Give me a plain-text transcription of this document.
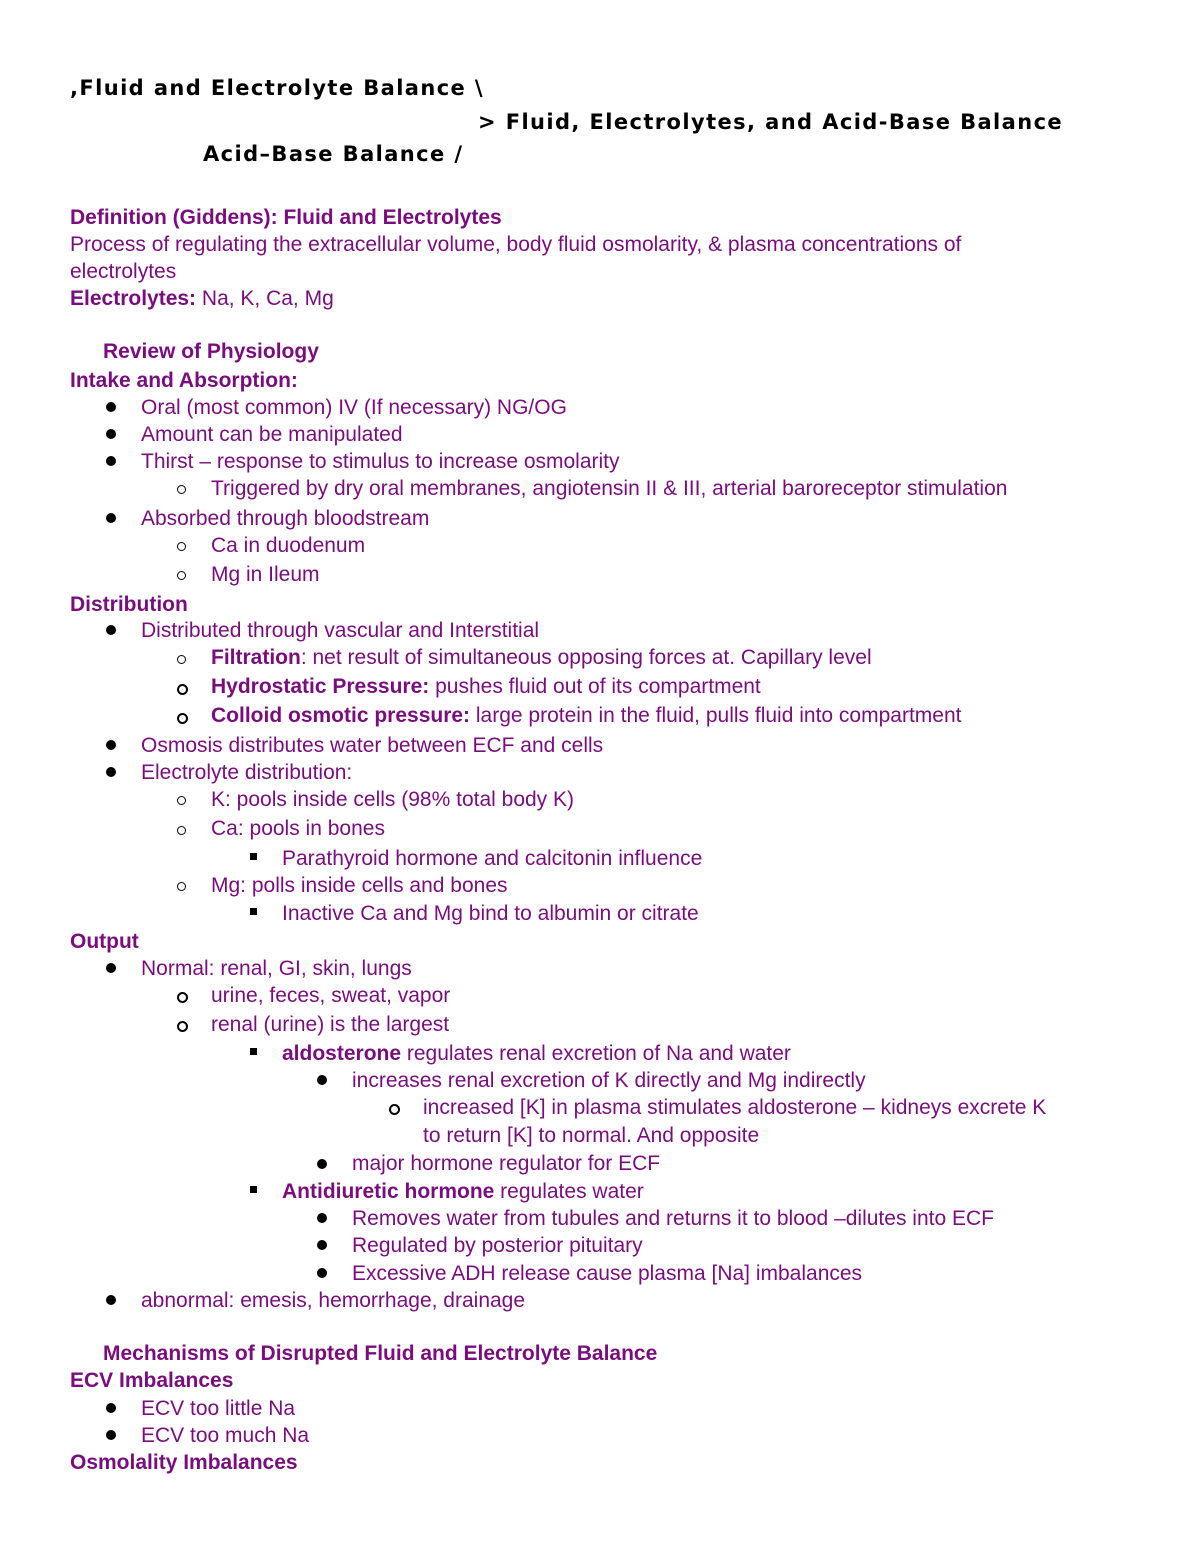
,Fluid and Electrolyte Balance \

> Fluid, Electrolytes, and Acid-Base Balance

Acid–Base Balance /

Definition (Giddens): Fluid and Electrolytes

Process of regulating the extracellular volume, body fluid osmolarity, & plasma concentrations of

electrolytes

Electrolytes: Na, K, Ca, Mg

Review of Physiology

Intake and Absorption:

Oral (most common) IV (If necessary) NG/OG

Amount can be manipulated

Thirst – response to stimulus to increase osmolarity

Triggered by dry oral membranes, angiotensin II & III, arterial baroreceptor stimulation

Absorbed through bloodstream

Ca in duodenum

Mg in Ileum

Distribution

Distributed through vascular and Interstitial

Filtration: net result of simultaneous opposing forces at. Capillary level

Hydrostatic Pressure: pushes fluid out of its compartment

Colloid osmotic pressure: large protein in the fluid, pulls fluid into compartment

Osmosis distributes water between ECF and cells

Electrolyte distribution:

K: pools inside cells (98% total body K)

Ca: pools in bones

Parathyroid hormone and calcitonin influence

Mg: polls inside cells and bones

Inactive Ca and Mg bind to albumin or citrate

Output

Normal: renal, GI, skin, lungs

urine, feces, sweat, vapor

renal (urine) is the largest

aldosterone regulates renal excretion of Na and water

increases renal excretion of K directly and Mg indirectly

increased [K] in plasma stimulates aldosterone – kidneys excrete K

to return [K] to normal. And opposite

major hormone regulator for ECF

Antidiuretic hormone regulates water

Removes water from tubules and returns it to blood –dilutes into ECF

Regulated by posterior pituitary

Excessive ADH release cause plasma [Na] imbalances

abnormal: emesis, hemorrhage, drainage

Mechanisms of Disrupted Fluid and Electrolyte Balance

ECV Imbalances

ECV too little Na

ECV too much Na

Osmolality Imbalances
